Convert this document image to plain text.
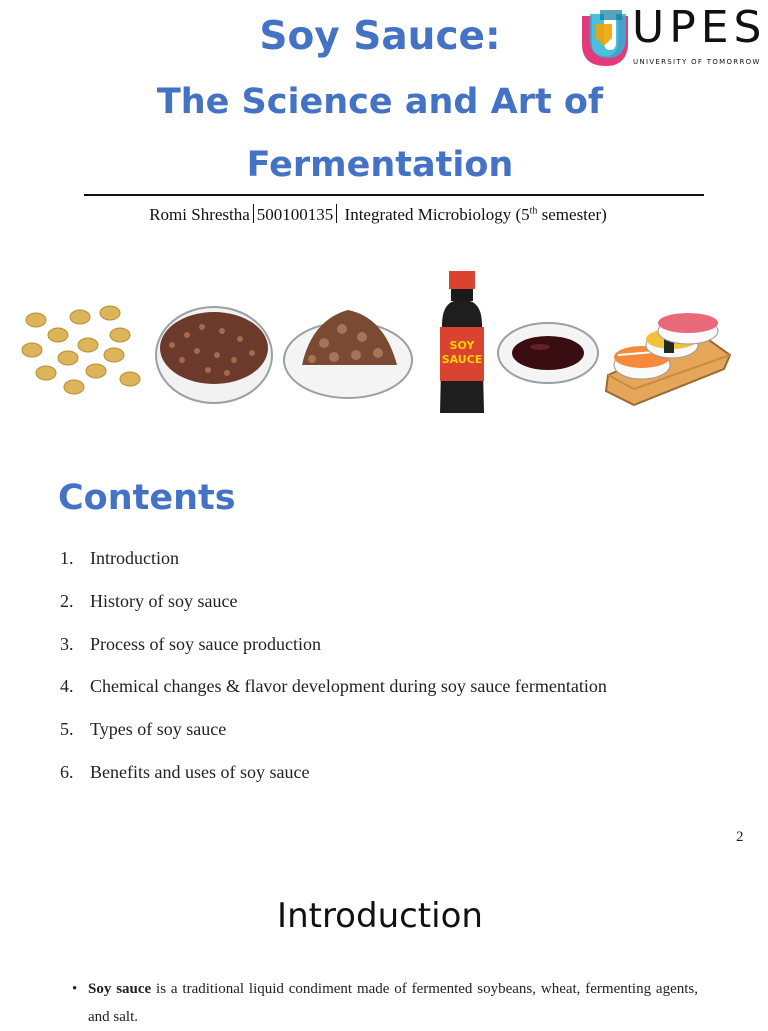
Soy Sauce:
The Science and Art of
Fermentation
UPES
UNIVERSITY OF TOMORROW
Romi Shrestha 500100135 Integrated Microbiology (5th semester)
SOY
SAUCE
Contents
1. Introduction
2. History of soy sauce
3. Process of soy sauce production
4. Chemical changes & flavor development during soy sauce fermentation
5. Types of soy sauce
6. Benefits and uses of soy sauce
2
Introduction
• Soy sauce is a traditional liquid condiment made of fermented soybeans, wheat, fermenting agents, and salt.
